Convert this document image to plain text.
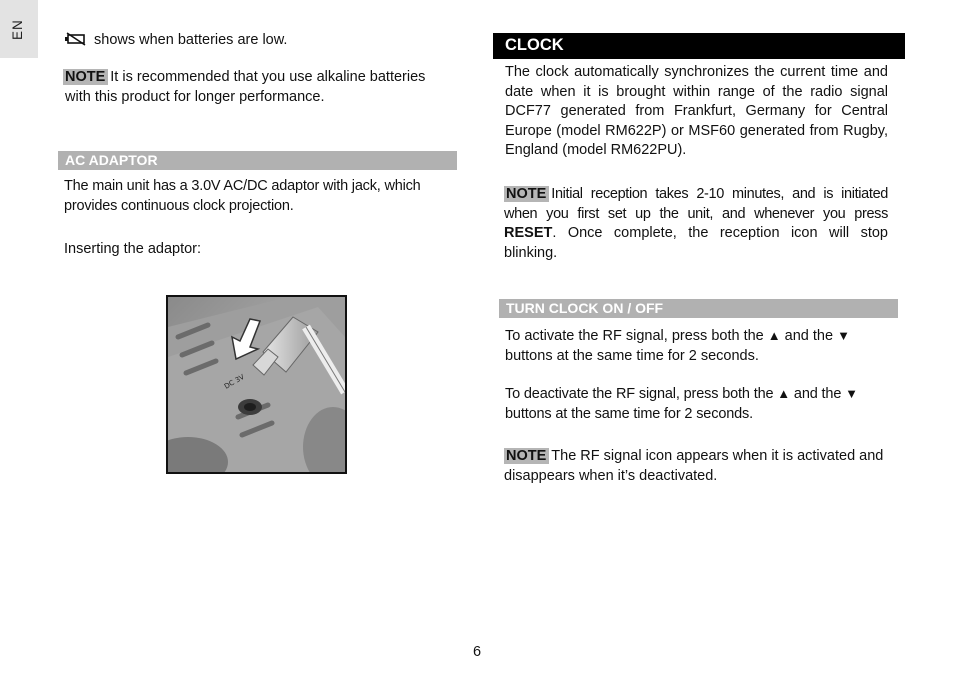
EN	shows when batteries are low.
NOTE It is recommended that you use alkaline batteries
with this product for longer performance.
AC ADAPTOR
The main unit has a 3.0V AC/DC adaptor with jack, which
provides continuous clock projection.
Inserting the adaptor:
DC 3V
CLOCK
The clock automatically synchronizes the current time and date when it is brought within range of the radio signal DCF77 generated from Frankfurt, Germany for Central Europe (model RM622P) or MSF60 generated from Rugby, England (model RM622PU).
NOTE Initial reception takes 2-10 minutes, and is initiated when you first set up the unit, and whenever you press RESET. Once complete, the reception icon will stop blinking.
TURN CLOCK ON / OFF
To activate the RF signal, press both the ▲ and the ▼
buttons at the same time for 2 seconds.
To deactivate the RF signal, press both the ▲ and the ▼
buttons at the same time for 2 seconds.
NOTE The RF signal icon appears when it is activated and disappears when it’s deactivated.
6
